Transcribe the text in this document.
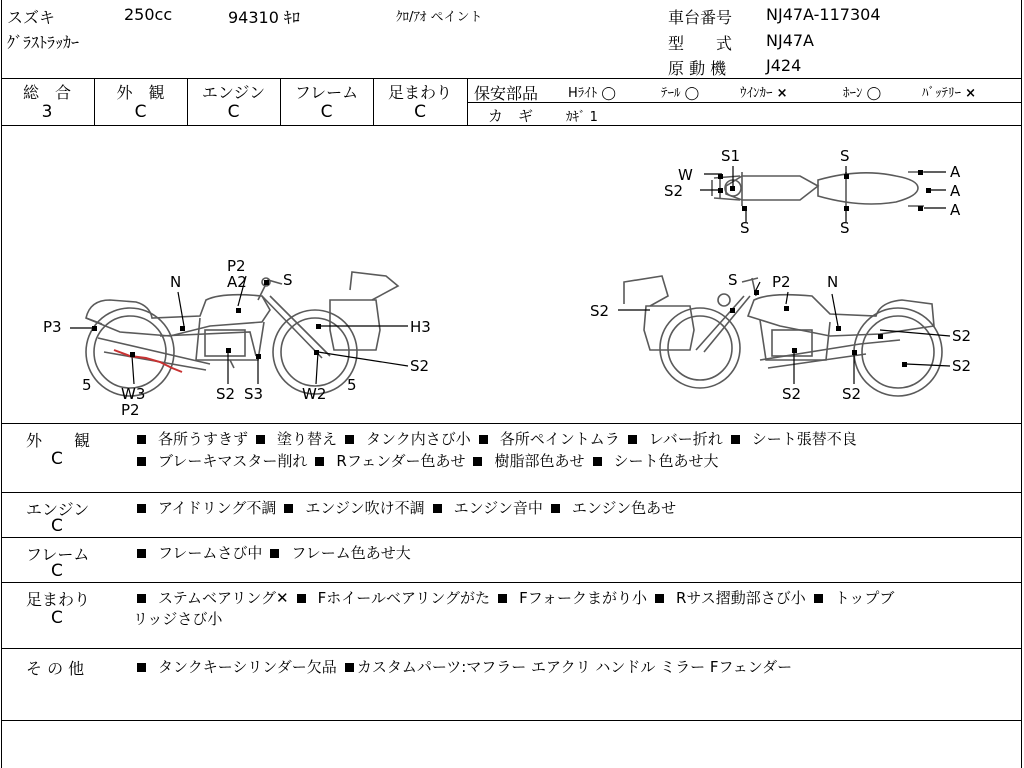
スズキ	250cc	94310 ｷﾛ	ｸﾛ/ｱｵ ペイント
ｸﾞﾗｽﾄﾗｯｶｰ
車台番号 NJ47A-117304
型　　式 NJ47A
原 動 機 J424
総　合
3
外　観
C
エンジン
C
フレーム
C
足まわり
C
保安部品 Hﾗｲﾄ ◯	ﾃｰﾙ ◯	ｳｲﾝｶｰ ×	ﾎｰﾝ ◯	ﾊﾞｯﾃﾘｰ ×
カ　ギ	ｶｷﾞ 1
P2
A2 S
N
P3	H3
S2
5 W3
P2
S2 S3	W2 5
S P2 N
S2
S2
S2
S2	S2
S1
S
W
S2
S
S
A
A
A
外　　観
C
各所うすきず 塗り替え タンク内さび小 各所ペイントムラ レバー折れ シート張替不良
ブレーキマスター削れ Rフェンダー色あせ 樹脂部色あせ シート色あせ大
エンジン
C
アイドリング不調 エンジン吹け不調 エンジン音中 エンジン色あせ
フレーム
C
フレームさび中 フレーム色あせ大
足まわり
C
ステムベアリング✕ Fホイールベアリングがた Fフォークまがり小 Rサス摺動部さび小 トップブ
リッジさび小
そ の 他	タンクキーシリンダー欠品 カスタムパーツ:マフラー エアクリ ハンドル ミラー Fフェンダー
